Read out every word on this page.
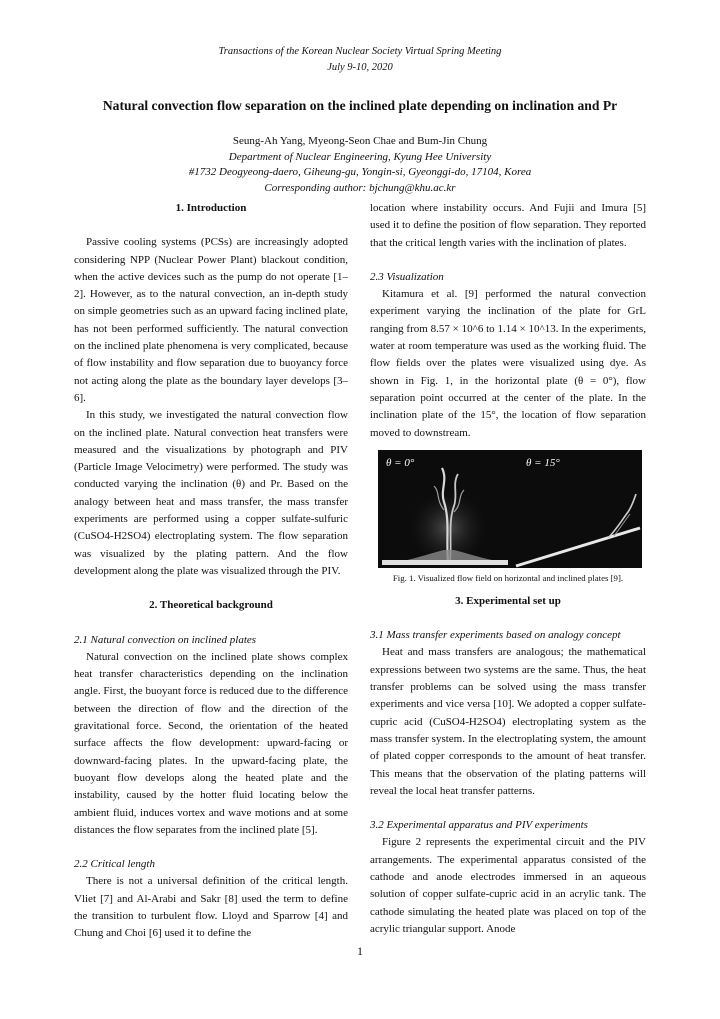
Transactions of the Korean Nuclear Society Virtual Spring Meeting
July 9-10, 2020
Natural convection flow separation on the inclined plate depending on inclination and Pr
Seung-Ah Yang, Myeong-Seon Chae and Bum-Jin Chung
Department of Nuclear Engineering, Kyung Hee University
#1732 Deogyeong-daero, Giheung-gu, Yongin-si, Gyeonggi-do, 17104, Korea
Corresponding author: bjchung@khu.ac.kr
1. Introduction

Passive cooling systems (PCSs) are increasingly adopted considering NPP (Nuclear Power Plant) blackout condition, when the active devices such as the pump do not operate [1–2]. However, as to the natural convection, an in-depth study on simple geometries such as an upward facing inclined plate, has not been performed sufficiently. The natural convection on the inclined plate phenomena is very complicated, because of flow instability and flow separation due to buoyancy force not acting along the plate as the boundary layer develops [3–6].

In this study, we investigated the natural convection flow on the inclined plate. Natural convection heat transfers were measured and the visualizations by photograph and PIV (Particle Image Velocimetry) were performed. The study was conducted varying the inclination (θ) and Pr. Based on the analogy between heat and mass transfer, the mass transfer experiments are performed using a copper sulfate-sulfuric (CuSO4-H2SO4) electroplating system. The flow separation was visualized by the plating pattern. And the flow development along the plate was visualized through the PIV.

2. Theoretical background
2.1 Natural convection on inclined plates

Natural convection on the inclined plate shows complex heat transfer characteristics depending on the inclination angle. First, the buoyant force is reduced due to the difference between the direction of flow and the direction of the gravitational force. Second, the orientation of the heated surface affects the flow development: upward-facing or downward-facing plates. In the upward-facing plate, the buoyant flow develops along the heated plate and the instability, caused by the hotter fluid locating below the ambient fluid, induces vortex and wave motions and at some distances the flow separates from the inclined plate [5].

2.2 Critical length

There is not a universal definition of the critical length. Vliet [7] and Al-Arabi and Sakr [8] used the term to define the transition to turbulent flow. Lloyd and Sparrow [4] and Chung and Choi [6] used it to define the

location where instability occurs. And Fujii and Imura [5] used it to define the position of flow separation. They reported that the critical length varies with the inclination of plates.

2.3 Visualization

Kitamura et al. [9] performed the natural convection experiment varying the inclination of the plate for GrL ranging from 8.57 × 10^6 to 1.14 × 10^13. In the experiments, water at room temperature was used as the working fluid. The flow fields over the plates were visualized using dye. As shown in Fig. 1, in the horizontal plate (θ = 0°), flow separation point occurred at the center of the plate. In the inclination plate of the 15°, the location of flow separation moved to downstream.

θ = 0°	θ = 15°
Fig. 1. Visualized flow field on horizontal and inclined plates [9].
3. Experimental set up
3.1 Mass transfer experiments based on analogy concept

Heat and mass transfers are analogous; the mathematical expressions between two systems are the same. Thus, the heat transfer problems can be solved using the mass transfer experiments and vice versa [10]. We adopted a copper sulfate-cupric acid (CuSO4-H2SO4) electroplating system as the mass transfer system. In the electroplating system, the amount of plated copper corresponds to the amount of heat transfer. This means that the observation of the plating patterns will reveal the local heat transfer patterns.

3.2 Experimental apparatus and PIV experiments

Figure 2 represents the experimental circuit and the PIV arrangements. The experimental apparatus consisted of the cathode and anode electrodes immersed in an aqueous solution of copper sulfate-cupric acid in an acrylic tank. The cathode simulating the heated plate was placed on top of the acrylic triangular support. Anode

1
